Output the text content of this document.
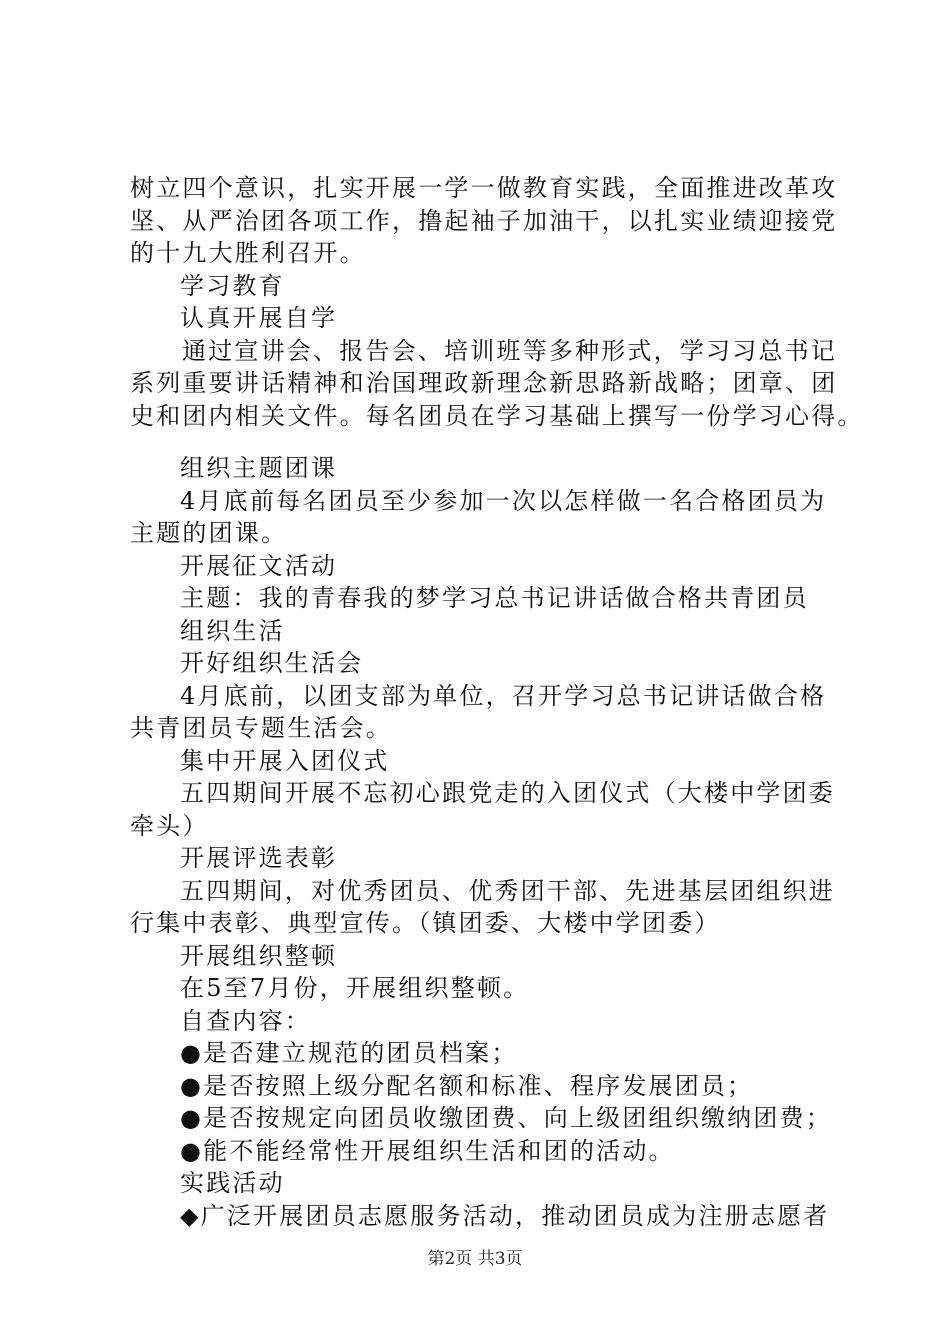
树立四个意识，扎实开展一学一做教育实践，全面推进改革攻
坚、从严治团各项工作，撸起袖子加油干，以扎实业绩迎接党
的十九大胜利召开。
学习教育
认真开展自学
通过宣讲会、报告会、培训班等多种形式，学习习总书记
系列重要讲话精神和治国理政新理念新思路新战略；团章、团
史和团内相关文件。每名团员在学习基础上撰写一份学习心得。
组织主题团课
4月底前每名团员至少参加一次以怎样做一名合格团员为
主题的团课。
开展征文活动
主题：我的青春我的梦学习总书记讲话做合格共青团员
组织生活
开好组织生活会
4月底前，以团支部为单位，召开学习总书记讲话做合格
共青团员专题生活会。
集中开展入团仪式
五四期间开展不忘初心跟党走的入团仪式（大楼中学团委
牵头）
开展评选表彰
五四期间，对优秀团员、优秀团干部、先进基层团组织进
行集中表彰、典型宣传。（镇团委、大楼中学团委）
开展组织整顿
在5至7月份，开展组织整顿。
自查内容：
●是否建立规范的团员档案；
●是否按照上级分配名额和标准、程序发展团员；
●是否按规定向团员收缴团费、向上级团组织缴纳团费；
●能不能经常性开展组织生活和团的活动。
实践活动
◆广泛开展团员志愿服务活动，推动团员成为注册志愿者
第2页 共3页
